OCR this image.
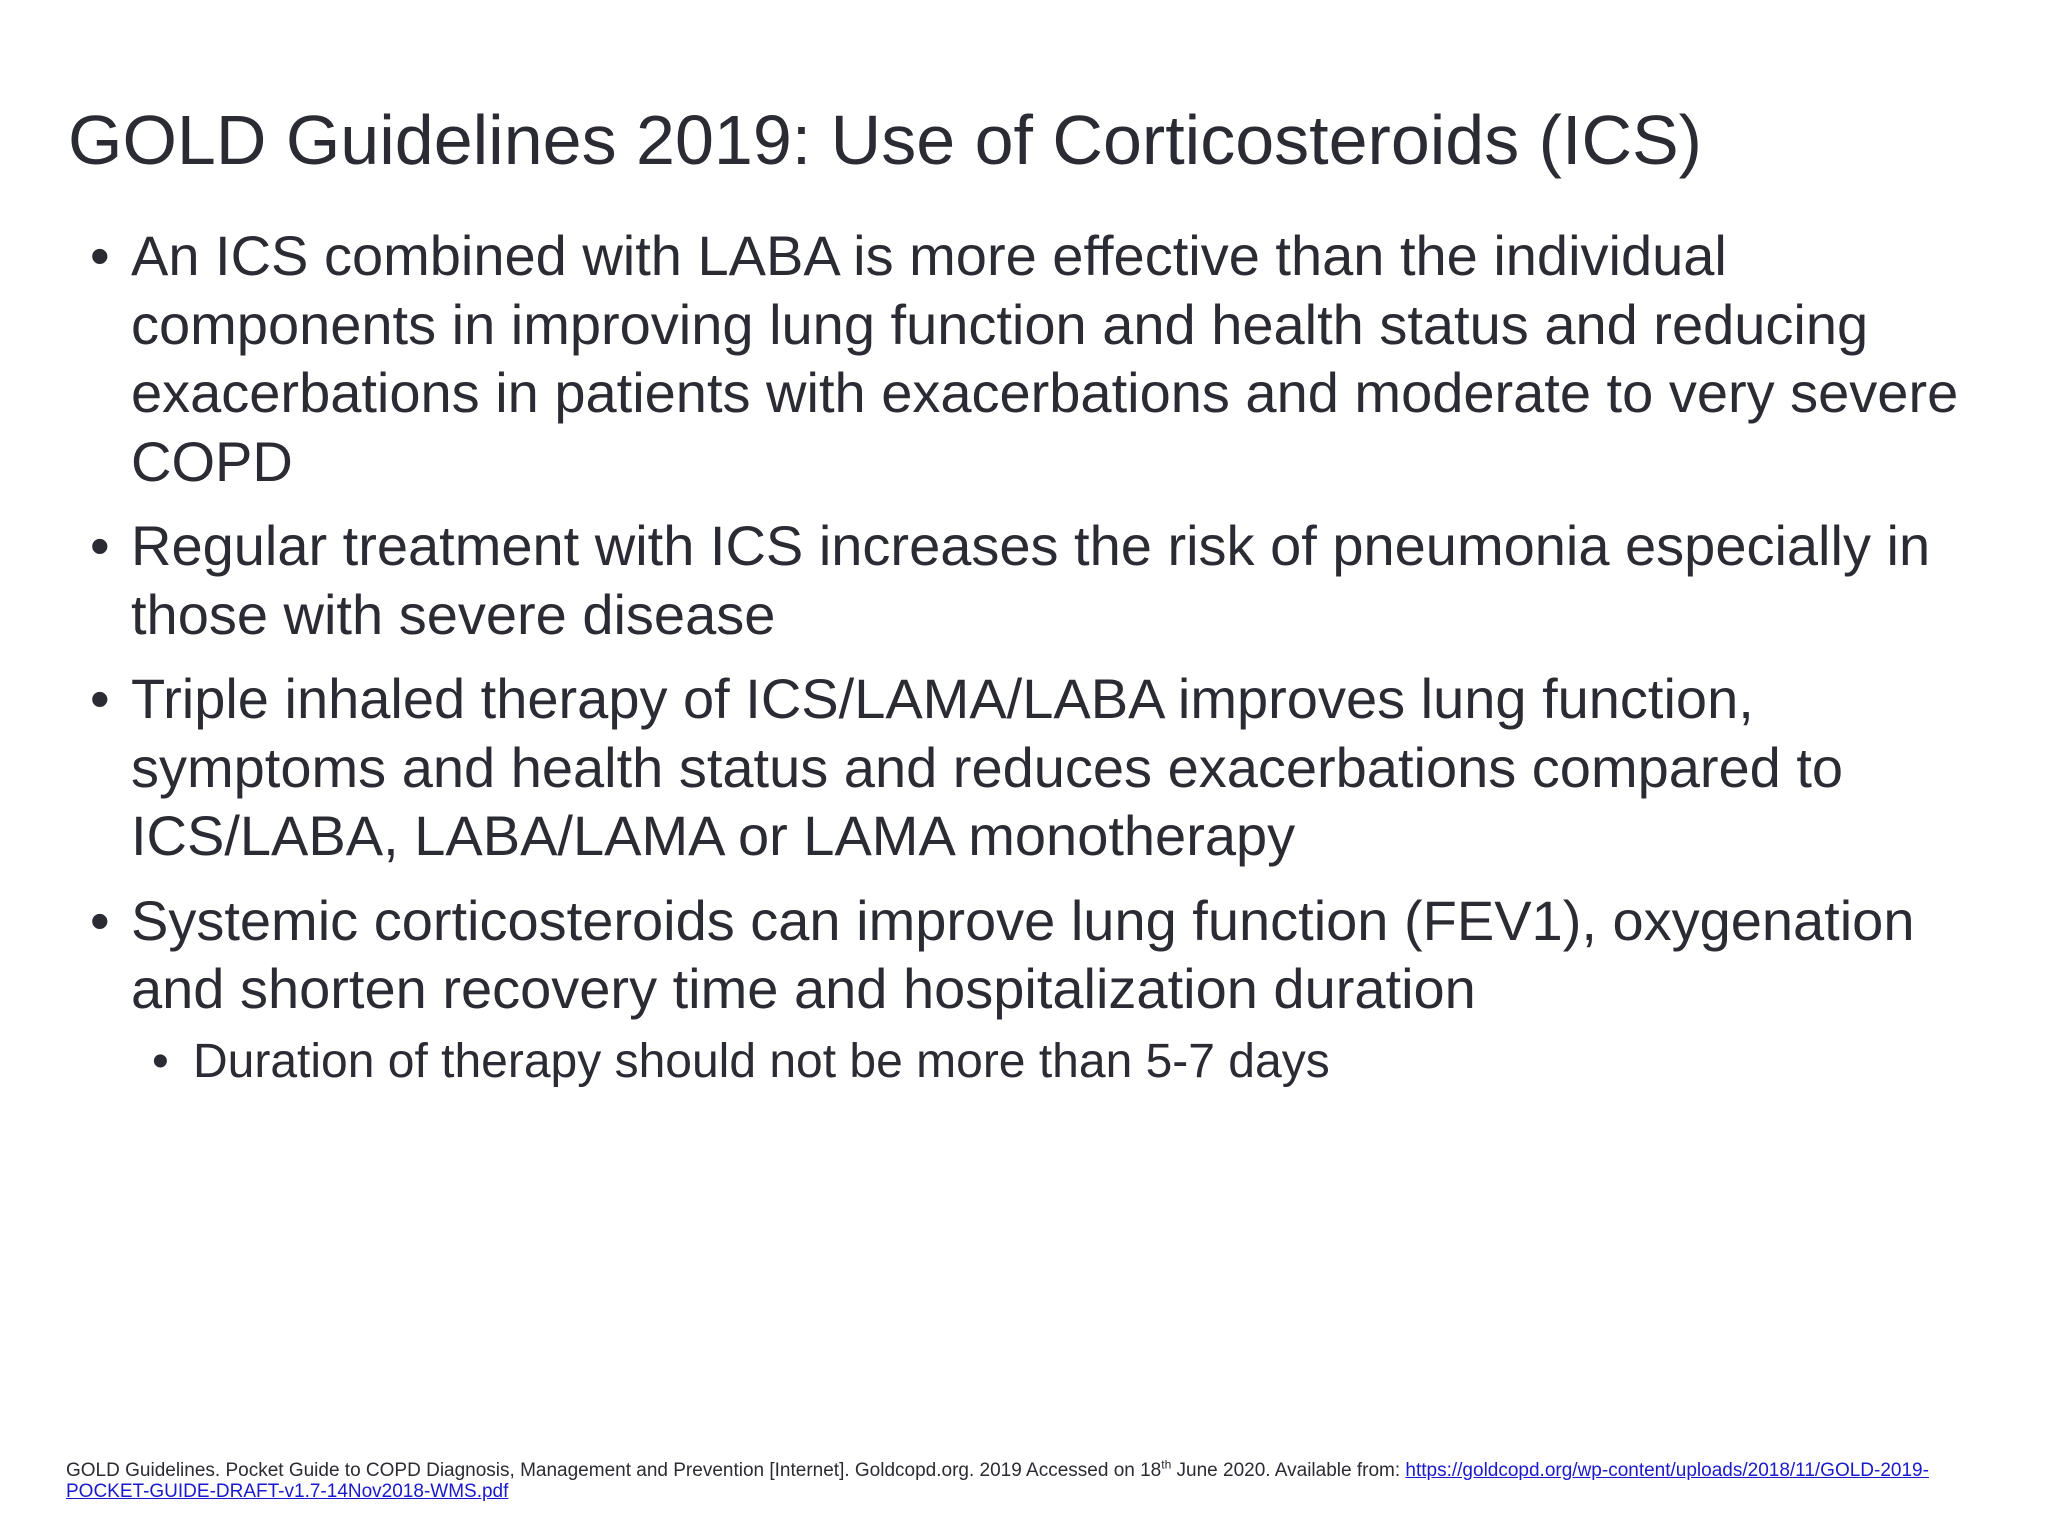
GOLD Guidelines 2019: Use of Corticosteroids (ICS)
• An ICS combined with LABA is more effective than the individual components in improving lung function and health status and reducing exacerbations in patients with exacerbations and moderate to very severe COPD
• Regular treatment with ICS increases the risk of pneumonia especially in those with severe disease
• Triple inhaled therapy of ICS/LAMA/LABA improves lung function, symptoms and health status and reduces exacerbations compared to ICS/LABA, LABA/LAMA or LAMA monotherapy
• Systemic corticosteroids can improve lung function (FEV1), oxygenation and shorten recovery time and hospitalization duration
• Duration of therapy should not be more than 5-7 days
GOLD Guidelines. Pocket Guide to COPD Diagnosis, Management and Prevention [Internet]. Goldcopd.org. 2019 Accessed on 18th June 2020. Available from: https://goldcopd.org/wp-content/uploads/2018/11/GOLD-2019-POCKET-GUIDE-DRAFT-v1.7-14Nov2018-WMS.pdf
